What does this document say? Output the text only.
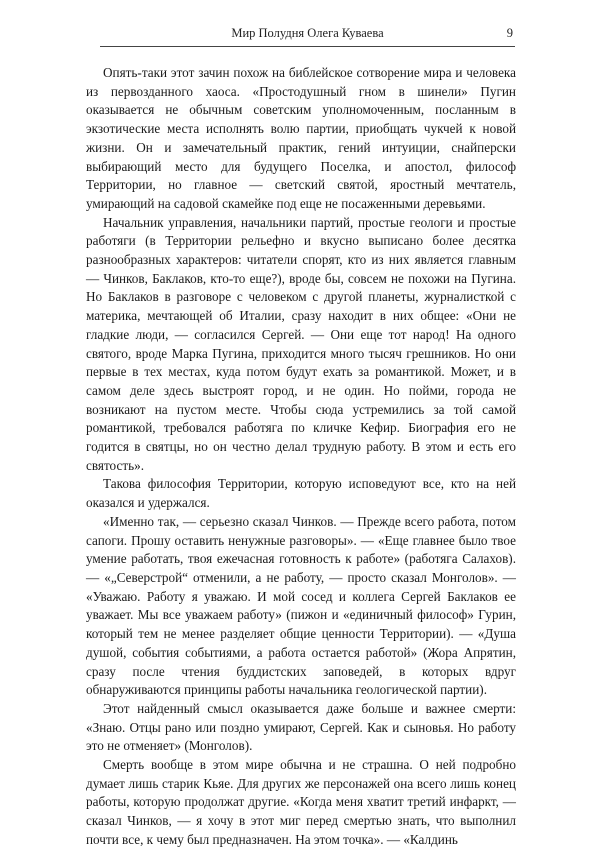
Мир Полудня Олега Куваева	9

Опять-таки этот зачин похож на библейское сотворение мира и человека из первозданного хаоса. «Простодушный гном в шинели» Пугин оказывается не обычным советским уполномоченным, посланным в экзотические места исполнять волю партии, приобщать чукчей к новой жизни. Он и замечательный практик, гений интуиции, снайперски выбирающий место для будущего Поселка, и апостол, философ Территории, но главное — светский святой, яростный мечтатель, умирающий на садовой скамейке под еще не посаженными деревьями.

Начальник управления, начальники партий, простые геологи и простые работяги (в Территории рельефно и вкусно выписано более десятка разнообразных характеров: читатели спорят, кто из них является главным — Чинков, Баклаков, кто-то еще?), вроде бы, совсем не похожи на Пугина. Но Баклаков в разговоре с человеком с другой планеты, журналисткой с материка, мечтающей об Италии, сразу находит в них общее: «Они не гладкие люди, — согласился Сергей. — Они еще тот народ! На одного святого, вроде Марка Пугина, приходится много тысяч грешников. Но они первые в тех местах, куда потом будут ехать за романтикой. Может, и в самом деле здесь выстроят город, и не один. Но пойми, города не возникают на пустом месте. Чтобы сюда устремились за той самой романтикой, требовался работяга по кличке Кефир. Биография его не годится в святцы, но он честно делал трудную работу. В этом и есть его святость».

Такова философия Территории, которую исповедуют все, кто на ней оказался и удержался.

«Именно так, — серьезно сказал Чинков. — Прежде всего работа, потом сапоги. Прошу оставить ненужные разговоры». — «Еще главнее было твое умение работать, твоя ежечасная готовность к работе» (работяга Салахов). — «„Северстрой“ отменили, а не работу, — просто сказал Монголов». — «Уважаю. Работу я уважаю. И мой сосед и коллега Сергей Баклаков ее уважает. Мы все уважаем работу» (пижон и «единичный философ» Гурин, который тем не менее разделяет общие ценности Территории). — «Душа душой, события событиями, а работа остается работой» (Жора Апрятин, сразу после чтения буддистских заповедей, в которых вдруг обнаруживаются принципы работы начальника геологической партии).

Этот найденный смысл оказывается даже больше и важнее смерти: «Знаю. Отцы рано или поздно умирают, Сергей. Как и сыновья. Но работу это не отменяет» (Монголов).

Смерть вообще в этом мире обычна и не страшна. О ней подробно думает лишь старик Кьяе. Для других же персонажей она всего лишь конец работы, которую продолжат другие. «Когда меня хватит третий инфаркт, — сказал Чинков, — я хочу в этот миг перед смертью знать, что выполнил почти все, к чему был предназначен. На этом точка». — «Калдинь
